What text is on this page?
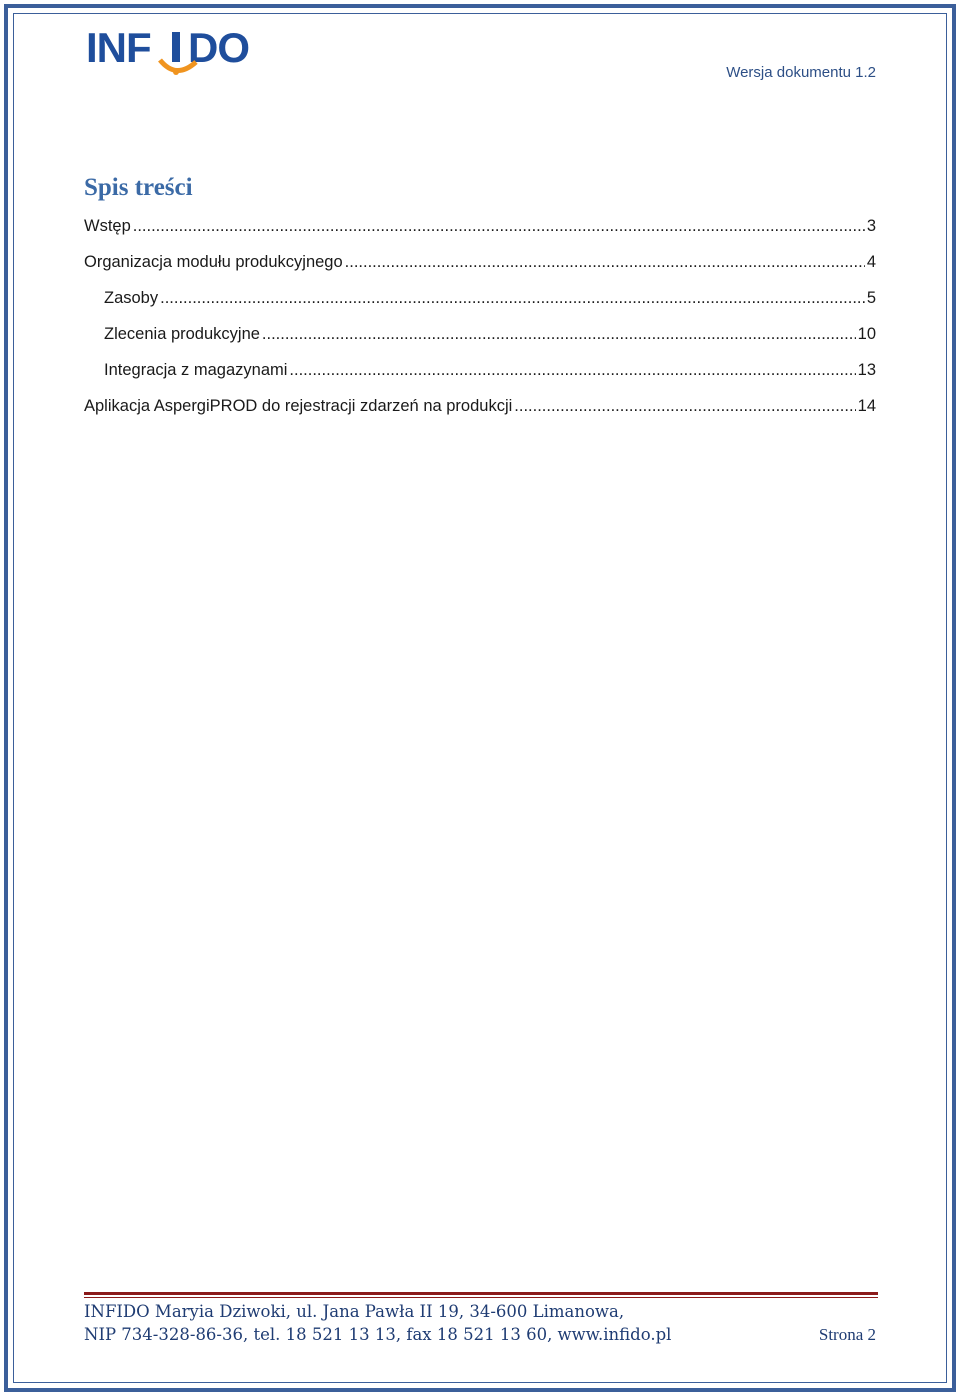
INF DO
Wersja dokumentu 1.2
Spis treści
Wstęp .....	3
Organizacja modułu produkcyjnego .....	4
Zasoby .....	5
Zlecenia produkcyjne .....	10
Integracja z magazynami .....	13
Aplikacja AspergiPROD do rejestracji zdarzeń na produkcji .....	14
INFIDO Maryia Dziwoki, ul. Jana Pawła II 19, 34-600 Limanowa,
NIP 734-328-86-36, tel. 18 521 13 13, fax 18 521 13 60, www.infido.pl	Strona 2
